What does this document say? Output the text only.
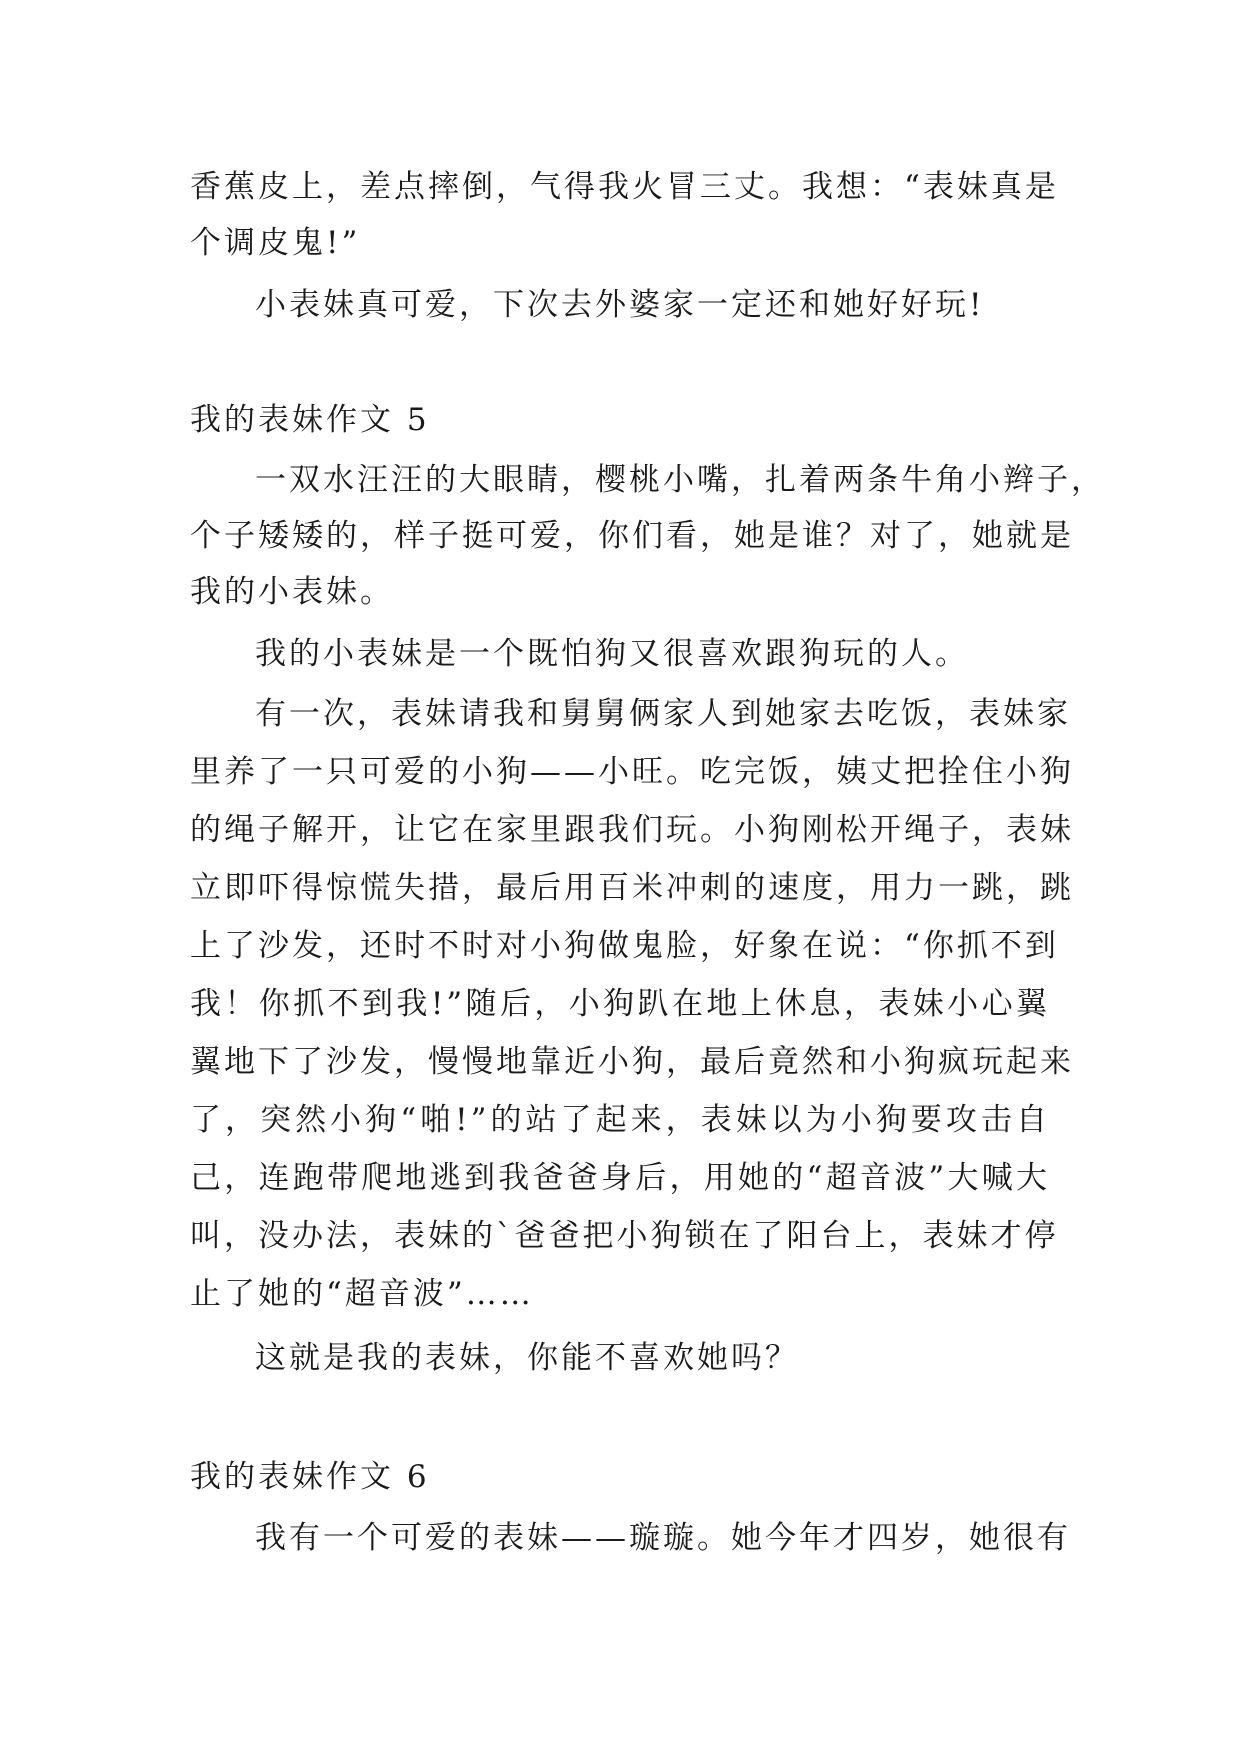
香蕉皮上，差点摔倒，气得我火冒三丈。我想：“表妹真是
个调皮鬼!”
小表妹真可爱，下次去外婆家一定还和她好好玩!
我的表妹作文 5
一双水汪汪的大眼睛，樱桃小嘴，扎着两条牛角小辫子，
个子矮矮的，样子挺可爱，你们看，她是谁？对了，她就是
我的小表妹。
我的小表妹是一个既怕狗又很喜欢跟狗玩的人。
有一次，表妹请我和舅舅俩家人到她家去吃饭，表妹家
里养了一只可爱的小狗——小旺。吃完饭，姨丈把拴住小狗
的绳子解开，让它在家里跟我们玩。小狗刚松开绳子，表妹
立即吓得惊慌失措，最后用百米冲刺的速度，用力一跳，跳
上了沙发，还时不时对小狗做鬼脸，好象在说：“你抓不到
我！你抓不到我!”随后，小狗趴在地上休息，表妹小心翼
翼地下了沙发，慢慢地靠近小狗，最后竟然和小狗疯玩起来
了，突然小狗“啪!”的站了起来，表妹以为小狗要攻击自
己，连跑带爬地逃到我爸爸身后，用她的“超音波”大喊大
叫，没办法，表妹的`爸爸把小狗锁在了阳台上，表妹才停
止了她的“超音波”……
这就是我的表妹，你能不喜欢她吗？
我的表妹作文 6
我有一个可爱的表妹——璇璇。她今年才四岁，她很有
